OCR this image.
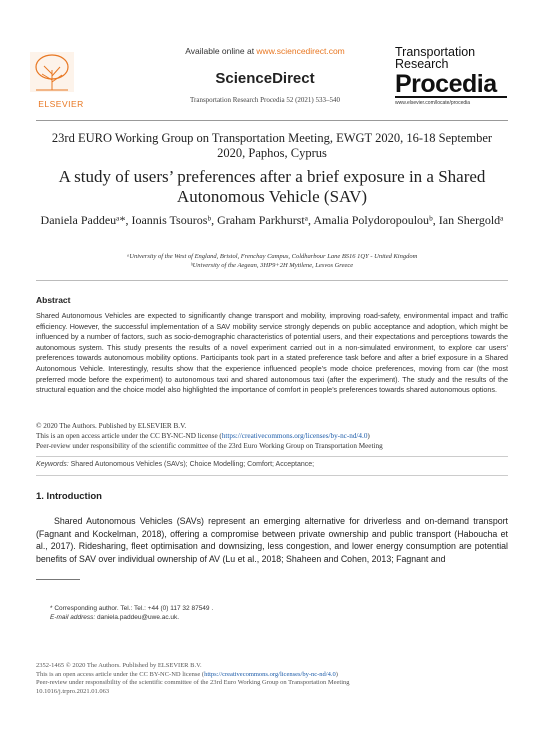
ELSEVIER
Available online at www.sciencedirect.com
ScienceDirect
Transportation Research Procedia 52 (2021) 533–540
Transportation
Research
Procedia
www.elsevier.com/locate/procedia
23rd EURO Working Group on Transportation Meeting, EWGT 2020, 16-18 September 2020, Paphos, Cyprus
A study of users’ preferences after a brief exposure in a Shared Autonomous Vehicle (SAV)
Daniela Paddeuᵃ*, Ioannis Tsourosᵇ, Graham Parkhurstᵃ, Amalia Polydoropoulouᵇ, Ian Shergoldᵃ
ᵃUniversity of the West of England, Bristol, Frenchay Campus, Coldharbour Lane BS16 1QY - United Kingdom
ᵇUniversity of the Aegean, 3HP9+2H Mytilene, Lesvos Greece
Abstract
Shared Autonomous Vehicles are expected to significantly change transport and mobility, improving road-safety, environmental impact and traffic efficiency. However, the successful implementation of a SAV mobility service strongly depends on public acceptance and adoption, which might be influenced by a number of factors, such as socio-demographic characteristics of potential users, and their expectations and perceptions towards the autonomous system. This study presents the results of a novel experiment carried out in a non-simulated environment, to explore car users’ preferences towards autonomous mobility options. Participants took part in a stated preference task before and after a brief exposure in a Shared Autonomous Vehicle. Interestingly, results show that the experience influenced people’s mode choice preferences, moving from car (the most preferred mode before the experiment) to autonomous taxi and shared autonomous taxi (after the experiment). The study and the results of the structural equation and the choice model also highlighted the importance of comfort in people’s preferences towards shared autonomous options.
© 2020 The Authors. Published by ELSEVIER B.V.
This is an open access article under the CC BY-NC-ND license (https://creativecommons.org/licenses/by-nc-nd/4.0)
Peer-review under responsibility of the scientific committee of the 23rd Euro Working Group on Transportation Meeting
Keywords: Shared Autonomous Vehicles (SAVs); Choice Modelling; Comfort; Acceptance;
1. Introduction
Shared Autonomous Vehicles (SAVs) represent an emerging alternative for driverless and on-demand transport (Fagnant and Kockelman, 2018), offering a compromise between private ownership and public transport (Haboucha et al., 2017). Ridesharing, fleet optimisation and downsizing, less congestion, and lower energy consumption are potential benefits of SAV over individual ownership of AV (Lu et al., 2018; Shaheen and Cohen, 2013; Fagnant and
* Corresponding author. Tel.: Tel.: +44 (0) 117 32 87549 .
E-mail address: daniela.paddeu@uwe.ac.uk.
2352-1465 © 2020 The Authors. Published by ELSEVIER B.V.
This is an open access article under the CC BY-NC-ND license (https://creativecommons.org/licenses/by-nc-nd/4.0)
Peer-review under responsibility of the scientific committee of the 23rd Euro Working Group on Transportation Meeting
10.1016/j.trpro.2021.01.063
